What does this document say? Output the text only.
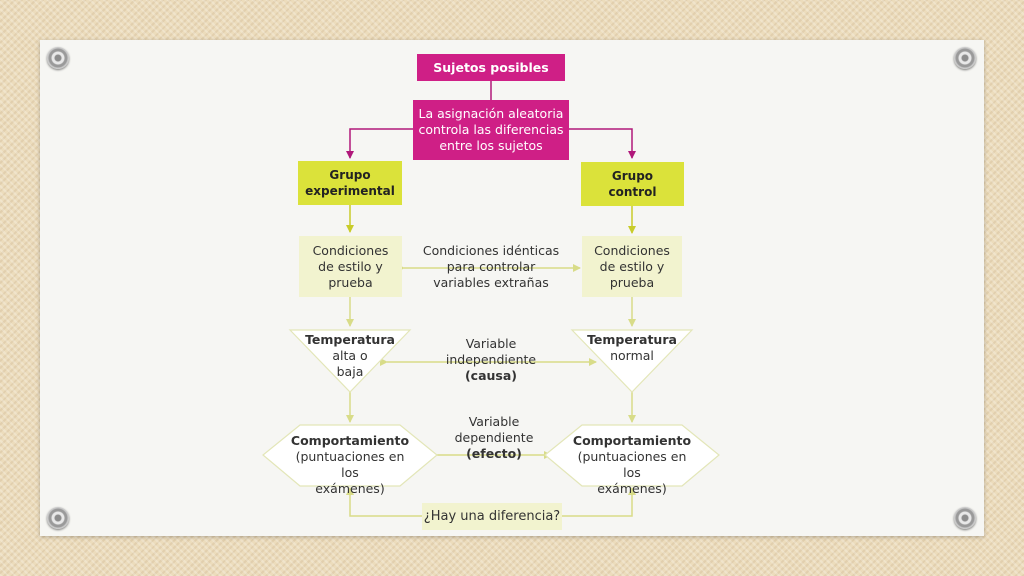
Sujetos posibles
La asignación aleatoria
controla las diferencias
entre los sujetos
Grupo
experimental
Grupo
control
Condiciones
de estilo y
prueba
Condiciones
de estilo y
prueba
Condiciones idénticas
para controlar
variables extrañas
Temperatura
alta o
baja
Temperatura
normal
Variable
independiente
(causa)
Variable
dependiente
(efecto)
Comportamiento
(puntuaciones en los
exámenes)
Comportamiento
(puntuaciones en los
exámenes)
¿Hay una diferencia?
